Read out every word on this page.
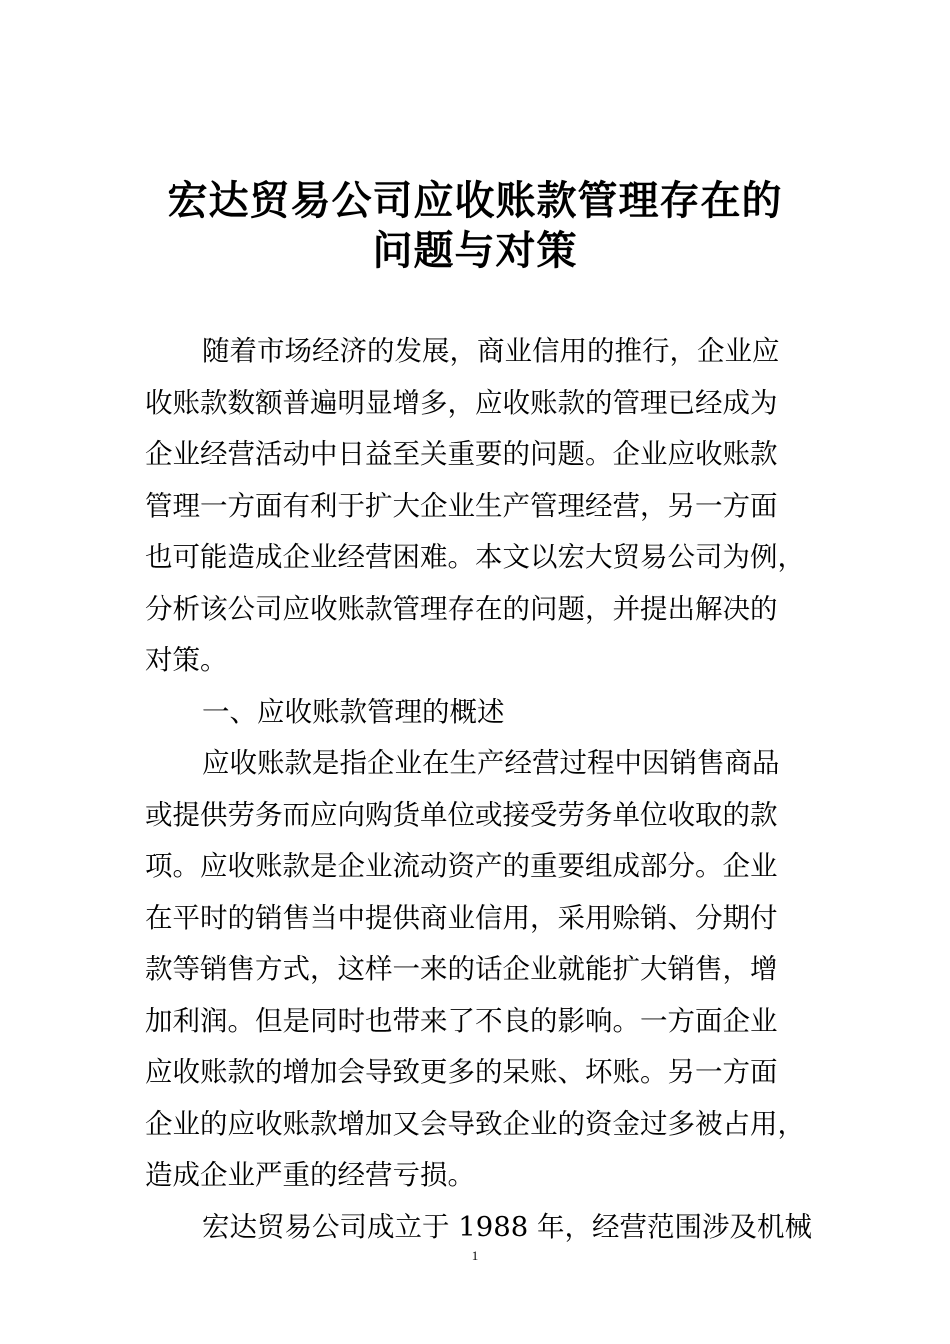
宏达贸易公司应收账款管理存在的
问题与对策
随着市场经济的发展，商业信用的推行，企业应
收账款数额普遍明显增多，应收账款的管理已经成为
企业经营活动中日益至关重要的问题。企业应收账款
管理一方面有利于扩大企业生产管理经营，另一方面
也可能造成企业经营困难。本文以宏大贸易公司为例，
分析该公司应收账款管理存在的问题，并提出解决的
对策。
一、应收账款管理的概述
应收账款是指企业在生产经营过程中因销售商品
或提供劳务而应向购货单位或接受劳务单位收取的款
项。应收账款是企业流动资产的重要组成部分。企业
在平时的销售当中提供商业信用，采用赊销、分期付
款等销售方式，这样一来的话企业就能扩大销售，增
加利润。但是同时也带来了不良的影响。一方面企业
应收账款的增加会导致更多的呆账、坏账。另一方面
企业的应收账款增加又会导致企业的资金过多被占用，
造成企业严重的经营亏损。
宏达贸易公司成立于 1988 年，经营范围涉及机械
1
